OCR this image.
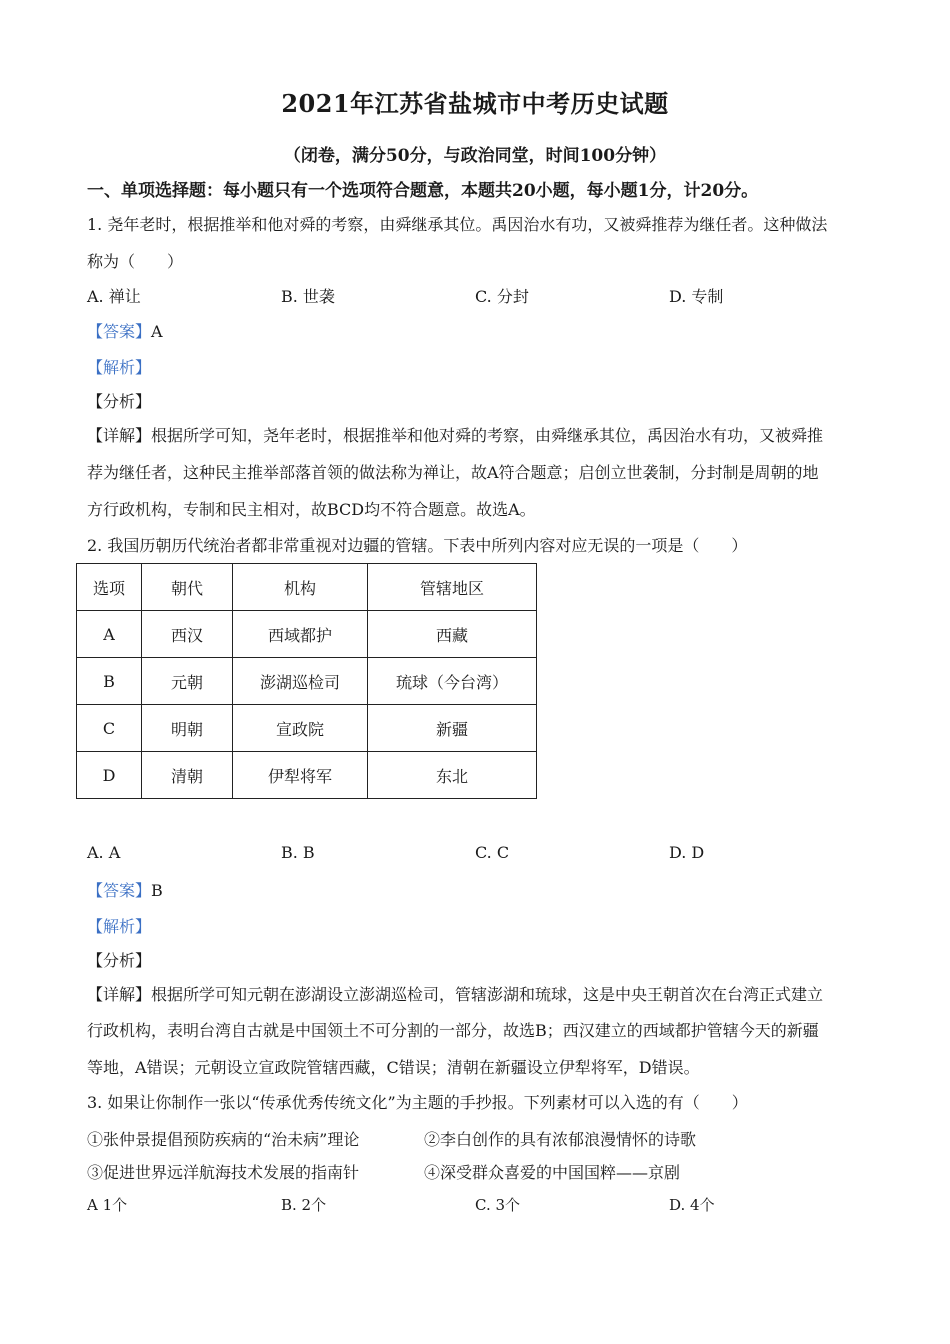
2021年江苏省盐城市中考历史试题
（闭卷，满分50分，与政治同堂，时间100分钟）
一、单项选择题：每小题只有一个选项符合题意，本题共20小题，每小题1分，计20分。
1. 尧年老时，根据推举和他对舜的考察，由舜继承其位。禹因治水有功，又被舜推荐为继任者。这种做法
称为（　　）
A. 禅让	B. 世袭	C. 分封	D. 专制
【答案】A
【解析】
【分析】
【详解】根据所学可知，尧年老时，根据推举和他对舜的考察，由舜继承其位，禹因治水有功，又被舜推
荐为继任者，这种民主推举部落首领的做法称为禅让，故A符合题意；启创立世袭制，分封制是周朝的地
方行政机构，专制和民主相对，故BCD均不符合题意。故选A。
2. 我国历朝历代统治者都非常重视对边疆的管辖。下表中所列内容对应无误的一项是（　　）
选项	朝代	机构	管辖地区
A	西汉	西域都护	西藏
B	元朝	澎湖巡检司	琉球（今台湾）
C	明朝	宣政院	新疆
D	清朝	伊犁将军	东北
A. A	B. B	C. C	D. D
【答案】B
【解析】
【分析】
【详解】根据所学可知元朝在澎湖设立澎湖巡检司，管辖澎湖和琉球，这是中央王朝首次在台湾正式建立
行政机构，表明台湾自古就是中国领土不可分割的一部分，故选B；西汉建立的西域都护管辖今天的新疆
等地，A错误；元朝设立宣政院管辖西藏，C错误；清朝在新疆设立伊犁将军，D错误。
3. 如果让你制作一张以“传承优秀传统文化”为主题的手抄报。下列素材可以入选的有（　　）
①张仲景提倡预防疾病的“治未病”理论	②李白创作的具有浓郁浪漫情怀的诗歌
③促进世界远洋航海技术发展的指南针	④深受群众喜爱的中国国粹——京剧
A 1个	B. 2个	C. 3个	D. 4个
